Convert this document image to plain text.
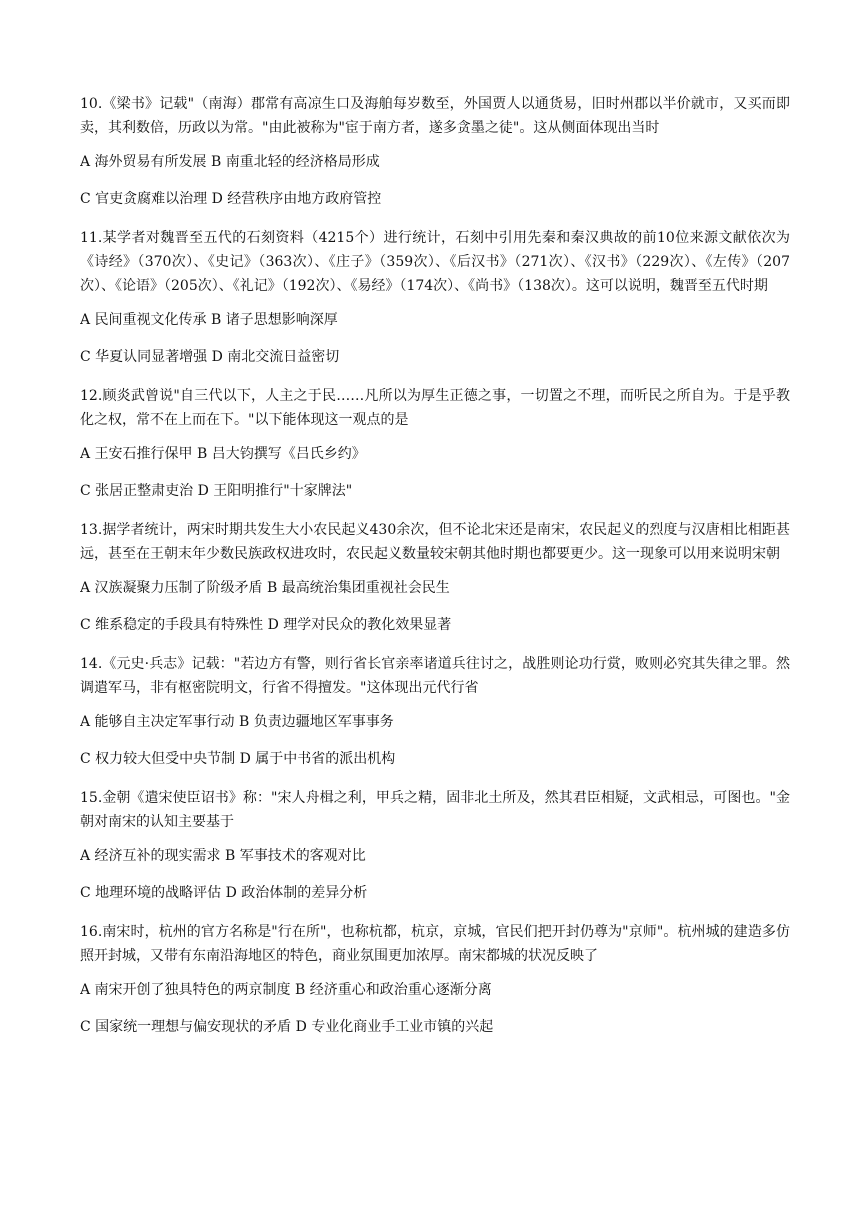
10.《梁书》记载"（南海）郡常有高凉生口及海舶每岁数至，外国贾人以通货易，旧时州郡以半价就市，又买而即卖，其利数倍，历政以为常。"由此被称为"宦于南方者，遂多贪墨之徒"。这从侧面体现出当时

A 海外贸易有所发展 B 南重北轻的经济格局形成

C 官吏贪腐难以治理 D 经营秩序由地方政府管控

11.某学者对魏晋至五代的石刻资料（4215个）进行统计，石刻中引用先秦和秦汉典故的前10位来源文献依次为《诗经》（370次）、《史记》（363次）、《庄子》（359次）、《后汉书》（271次）、《汉书》（229次）、《左传》（207次）、《论语》（205次）、《礼记》（192次）、《易经》（174次）、《尚书》（138次）。这可以说明，魏晋至五代时期

A 民间重视文化传承 B 诸子思想影响深厚

C 华夏认同显著增强 D 南北交流日益密切

12.顾炎武曾说"自三代以下，人主之于民……凡所以为厚生正德之事，一切置之不理，而听民之所自为。于是乎教化之权，常不在上而在下。"以下能体现这一观点的是

A 王安石推行保甲 B 吕大钧撰写《吕氏乡约》

C 张居正整肃吏治 D 王阳明推行"十家牌法"

13.据学者统计，两宋时期共发生大小农民起义430余次，但不论北宋还是南宋，农民起义的烈度与汉唐相比相距甚远，甚至在王朝末年少数民族政权进攻时，农民起义数量较宋朝其他时期也都要更少。这一现象可以用来说明宋朝

A 汉族凝聚力压制了阶级矛盾 B 最高统治集团重视社会民生

C 维系稳定的手段具有特殊性 D 理学对民众的教化效果显著

14.《元史·兵志》记载："若边方有警，则行省长官亲率诸道兵往讨之，战胜则论功行赏，败则必究其失律之罪。然调遣军马，非有枢密院明文，行省不得擅发。"这体现出元代行省

A 能够自主决定军事行动 B 负责边疆地区军事事务

C 权力较大但受中央节制 D 属于中书省的派出机构

15.金朝《遣宋使臣诏书》称："宋人舟楫之利，甲兵之精，固非北土所及，然其君臣相疑，文武相忌，可图也。"金朝对南宋的认知主要基于

A 经济互补的现实需求 B 军事技术的客观对比

C 地理环境的战略评估 D 政治体制的差异分析

16.南宋时，杭州的官方名称是"行在所"，也称杭都，杭京，京城，官民们把开封仍尊为"京师"。杭州城的建造多仿照开封城，又带有东南沿海地区的特色，商业氛围更加浓厚。南宋都城的状况反映了

A 南宋开创了独具特色的两京制度 B 经济重心和政治重心逐渐分离

C 国家统一理想与偏安现状的矛盾 D 专业化商业手工业市镇的兴起
